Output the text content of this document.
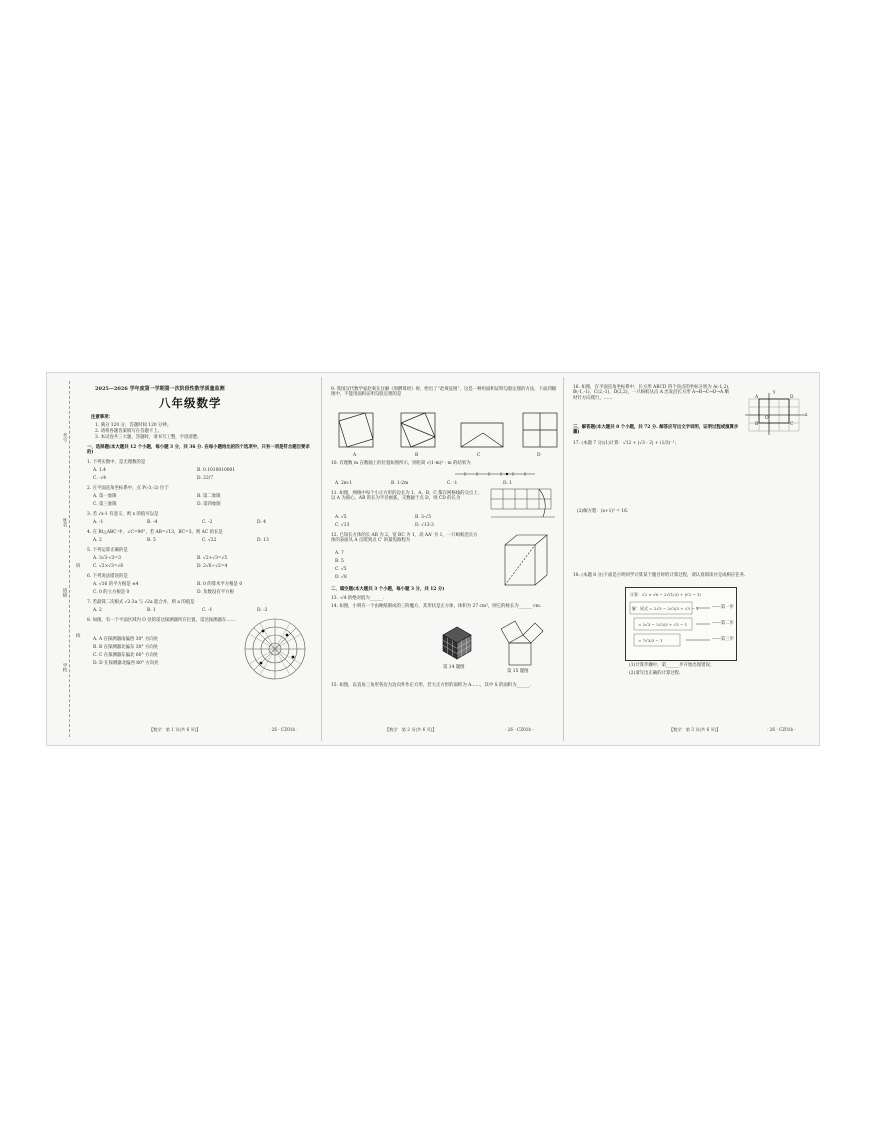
考号
姓名
班
班级
线
学校
2025—2026 学年度第一学期第一次阶段性数学质量监测
八年级数学
注意事项：
1. 满分 120 分，答题时间 120 分钟。
2. 请将各题答案填写在答题卡上。
3. 本试卷共三大题，答题时，请书写工整，字迹清楚。
一、选择题(本大题共 12 个小题，每小题 3 分，共 36 分. 在每小题给出的四个选项中，只有一项是符合题目要求的)
1. 下列实数中，是无理数的是
A. 1.4	B. 0.1010010001
C. -√4	D. 22/7
2. 在平面直角坐标系中，点 P(-3,-2) 位于
A. 第一象限	B. 第二象限
C. 第三象限	D. 第四象限
3. 若 √x-1 有意义，则 x 的值可以是
A. -1	B. -4	C. -2	D. 4
4. 在 Rt△ABC 中，∠C=90°，若 AB=√13，BC=3，则 AC 的长是
A. 2	B. 5	C. √22	D. 13
5. 下列运算正确的是
A. 3√3-√3=3	B. √2+√3=√5
C. √2×√3=√6	D. 2√6÷√2=4
6. 下列说法错误的是
A. √16 的平方根是 ±4	B. 0 的算术平方根是 0
C. 0 的立方根是 0	D. 负数没有平方根
7. 若最简二次根式 √2-3a 与 √2a 能合并，则 a 的值是
A. 2	B. 1	C. -1	D. -2
8. 如图，有一个平面区域内 O 处的雷达探测器所在位置，雷达探测器在……
A. A 在探测器南偏西 30° 方向处
B. B 在探测器北偏东 30° 方向处
C. C 在探测器东偏北 60° 方向处
D. D 在探测器北偏西 80° 方向处
【数学　第 1 页(共 6 页)】	· 26 · CZ01b ·
9. 我国汉代数学家赵爽在注解《周髀算经》时，给出了“赵爽弦图”，这是一种用面积证明勾股定理的方法，下面四幅图中，不能用面积证明勾股定理的是
A	B	C	D
10. 有理数 m 在数轴上的位置如图所示，则化简 √(1-m)² - m 的结果为
A. 2m-1	B. 1-2m	C. -1	D. 1
11. 如图，网格中每个小正方形的边长为 1，A，B，C 都在网格线的交点上，以 A 为圆心，AB 的长为半径画弧，交数轴于点 D，则 CD 的长为
A. √5	B. 3-√5
C. √13	D. √13-3
12. 已知长方体的长 AB 为 2，宽 BC 为 1，高 AA' 为 1，一只蚂蚁沿长方体的表面从 A 点爬到点 C' 的最短路程为
A. 7
B. 5
C. √5
D. √8
二、填空题(本大题共 3 个小题，每小题 3 分，共 12 分)
13. -√4 的绝对值为______.
14. 如图，小明有一个由硬纸制成的三阶魔方，其形状是正方体，体积为 27 cm³，则它的棱长为______ cm.
第 14 题图
第 15 题图
15. 如图，以直角三角形各边为边向外作正方形，若大正方形的面积为 A……，其中 S 的面积为______.
【数学　第 2 页(共 6 页)】	· 26 · CZ01b ·
16. 如图，在平面直角坐标系中，长方形 ABCD 四个顶点的坐标分别为 A(-1,2)，B(-1,-1)，C(2,-1)，D(2,2)，一只蚂蚁从点 A 出发沿长方形 A→B→C→D→A 顺时针方向爬行，……
y
x
O
A
B	C
D
三、解答题(本大题共 8 个小题，共 72 分. 解答应写出文字说明，证明过程或演算步骤)
17. (本题 7 分)(1)计算：√12 + |√3 - 2| + (1/3)⁻¹；
(2)解方程：(x+1)² = 16.
18. (本题 8 分)下面是小明同学计算某个题目时的计算过程，请认真阅读并完成相应任务.
计算：√2 × √6 − 2√(1/3) + |√3 − 1|
解：原式 = 2√3 − 2√3/3 + √3 − 1
= 2√3 − 2√3/3 + √3 − 1
= 7√3/3 − 1
——第一步
——第二步
——第三步
(1)计算步骤中，第______步开始出现错误；
(2)请写出正确的计算过程.
【数学　第 3 页(共 6 页)】	· 26 · CZ01b ·
